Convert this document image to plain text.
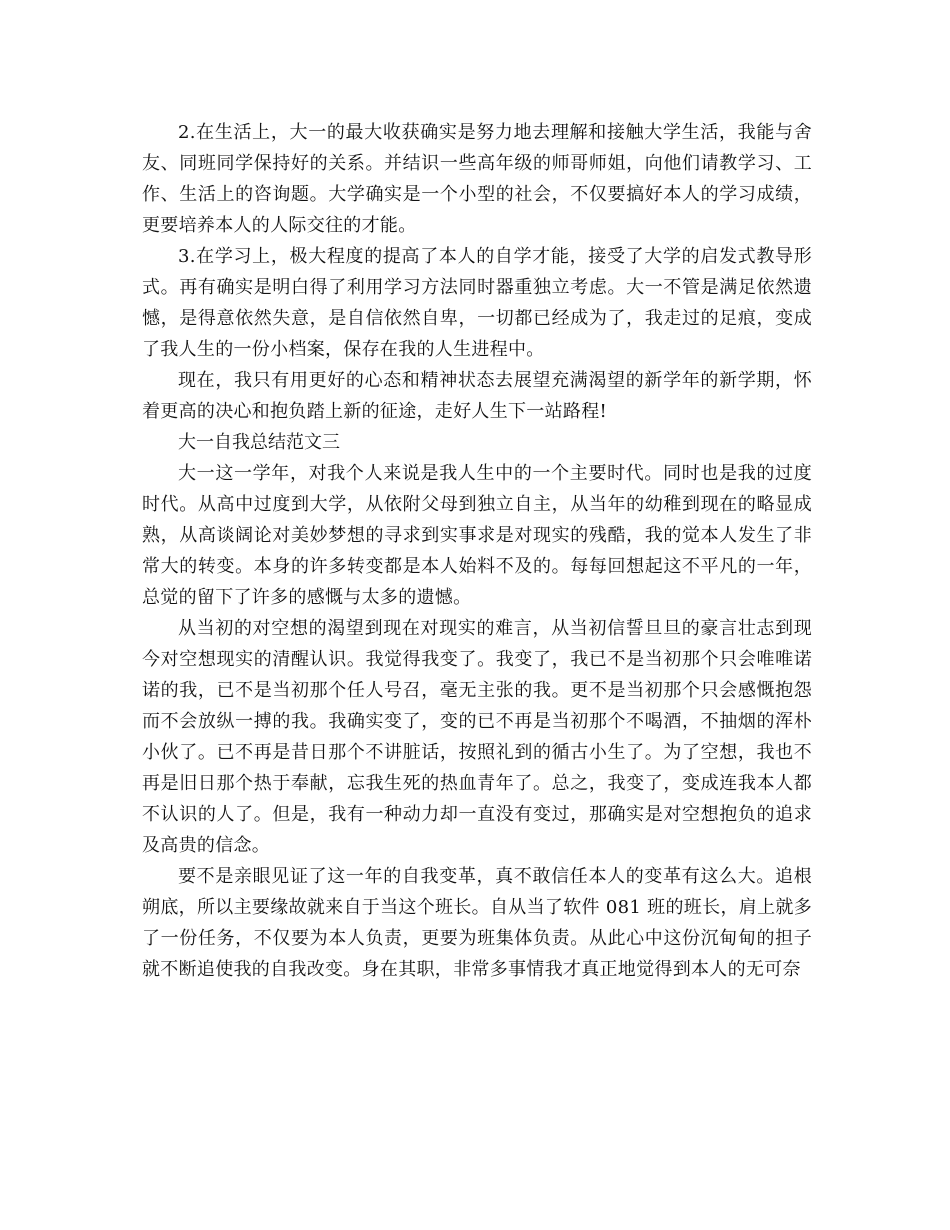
2.在生活上，大一的最大收获确实是努力地去理解和接触大学生活，我能与舍友、同班同学保持好的关系。并结识一些高年级的师哥师姐，向他们请教学习、工作、生活上的咨询题。大学确实是一个小型的社会，不仅要搞好本人的学习成绩，更要培养本人的人际交往的才能。

3.在学习上，极大程度的提高了本人的自学才能，接受了大学的启发式教导形式。再有确实是明白得了利用学习方法同时器重独立考虑。大一不管是满足依然遗憾，是得意依然失意，是自信依然自卑，一切都已经成为了，我走过的足痕，变成了我人生的一份小档案，保存在我的人生进程中。

现在，我只有用更好的心态和精神状态去展望充满渴望的新学年的新学期，怀着更高的决心和抱负踏上新的征途，走好人生下一站路程!

大一自我总结范文三

大一这一学年，对我个人来说是我人生中的一个主要时代。同时也是我的过度时代。从高中过度到大学，从依附父母到独立自主，从当年的幼稚到现在的略显成熟，从高谈阔论对美妙梦想的寻求到实事求是对现实的残酷，我的觉本人发生了非常大的转变。本身的许多转变都是本人始料不及的。每每回想起这不平凡的一年，总觉的留下了许多的感慨与太多的遗憾。

从当初的对空想的渴望到现在对现实的难言，从当初信誓旦旦的豪言壮志到现今对空想现实的清醒认识。我觉得我变了。我变了，我已不是当初那个只会唯唯诺诺的我，已不是当初那个任人号召，毫无主张的我。更不是当初那个只会感慨抱怨而不会放纵一搏的我。我确实变了，变的已不再是当初那个不喝酒，不抽烟的浑朴小伙了。已不再是昔日那个不讲脏话，按照礼到的循古小生了。为了空想，我也不再是旧日那个热于奉献，忘我生死的热血青年了。总之，我变了，变成连我本人都不认识的人了。但是，我有一种动力却一直没有变过，那确实是对空想抱负的追求及高贵的信念。

要不是亲眼见证了这一年的自我变革，真不敢信任本人的变革有这么大。追根朔底，所以主要缘故就来自于当这个班长。自从当了软件 081 班的班长，肩上就多了一份任务，不仅要为本人负责，更要为班集体负责。从此心中这份沉甸甸的担子就不断追使我的自我改变。身在其职，非常多事情我才真正地觉得到本人的无可奈
